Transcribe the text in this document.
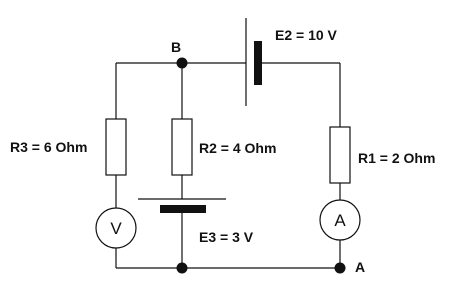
V	A
B
A
E2 = 10 V
R3 = 6 Ohm	R2 = 4 Ohm
R1 = 2 Ohm
E3 = 3 V
